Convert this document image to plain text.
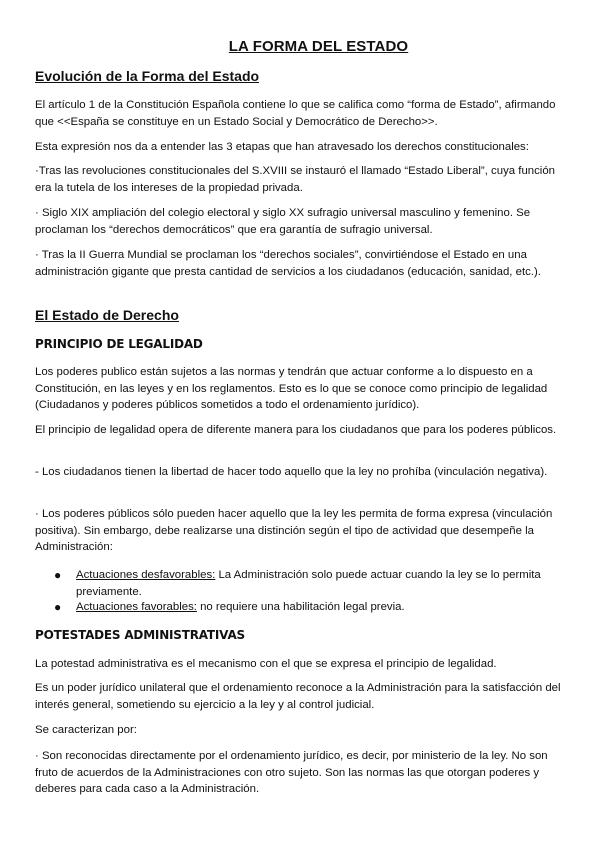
LA FORMA DEL ESTADO
Evolución de la Forma del Estado

El artículo 1 de la Constitución Española contiene lo que se califica como “forma de Estado”, afirmando que <<España se constituye en un Estado Social y Democrático de Derecho>>.

Esta expresión nos da a entender las 3 etapas que han atravesado los derechos constitucionales:

·Tras las revoluciones constitucionales del S.XVIII se instauró el llamado “Estado Liberal”, cuya función era la tutela de los intereses de la propiedad privada.

· Siglo XIX ampliación del colegio electoral y siglo XX sufragio universal masculino y femenino. Se proclaman los “derechos democráticos” que era garantía de sufragio universal.

· Tras la II Guerra Mundial se proclaman los “derechos sociales”, convirtiéndose el Estado en una administración gigante que presta cantidad de servicios a los ciudadanos (educación, sanidad, etc.).

El Estado de Derecho
PRINCIPIO DE LEGALIDAD

Los poderes publico están sujetos a las normas y tendrán que actuar conforme a lo dispuesto en a Constitución, en las leyes y en los reglamentos. Esto es lo que se conoce como principio de legalidad (Ciudadanos y poderes públicos sometidos a todo el ordenamiento jurídico).

El principio de legalidad opera de diferente manera para los ciudadanos que para los poderes públicos.

- Los ciudadanos tienen la libertad de hacer todo aquello que la ley no prohíba (vinculación negativa).

· Los poderes públicos sólo pueden hacer aquello que la ley les permita de forma expresa (vinculación positiva). Sin embargo, debe realizarse una distinción según el tipo de actividad que desempeñe la Administración:

● Actuaciones desfavorables: La Administración solo puede actuar cuando la ley se lo permita previamente.

● Actuaciones favorables: no requiere una habilitación legal previa.

POTESTADES ADMINISTRATIVAS

La potestad administrativa es el mecanismo con el que se expresa el principio de legalidad.

Es un poder jurídico unilateral que el ordenamiento reconoce a la Administración para la satisfacción del interés general, sometiendo su ejercicio a la ley y al control judicial.

Se caracterizan por:

· Son reconocidas directamente por el ordenamiento jurídico, es decir, por ministerio de la ley. No son fruto de acuerdos de la Administraciones con otro sujeto. Son las normas las que otorgan poderes y deberes para cada caso a la Administración.
